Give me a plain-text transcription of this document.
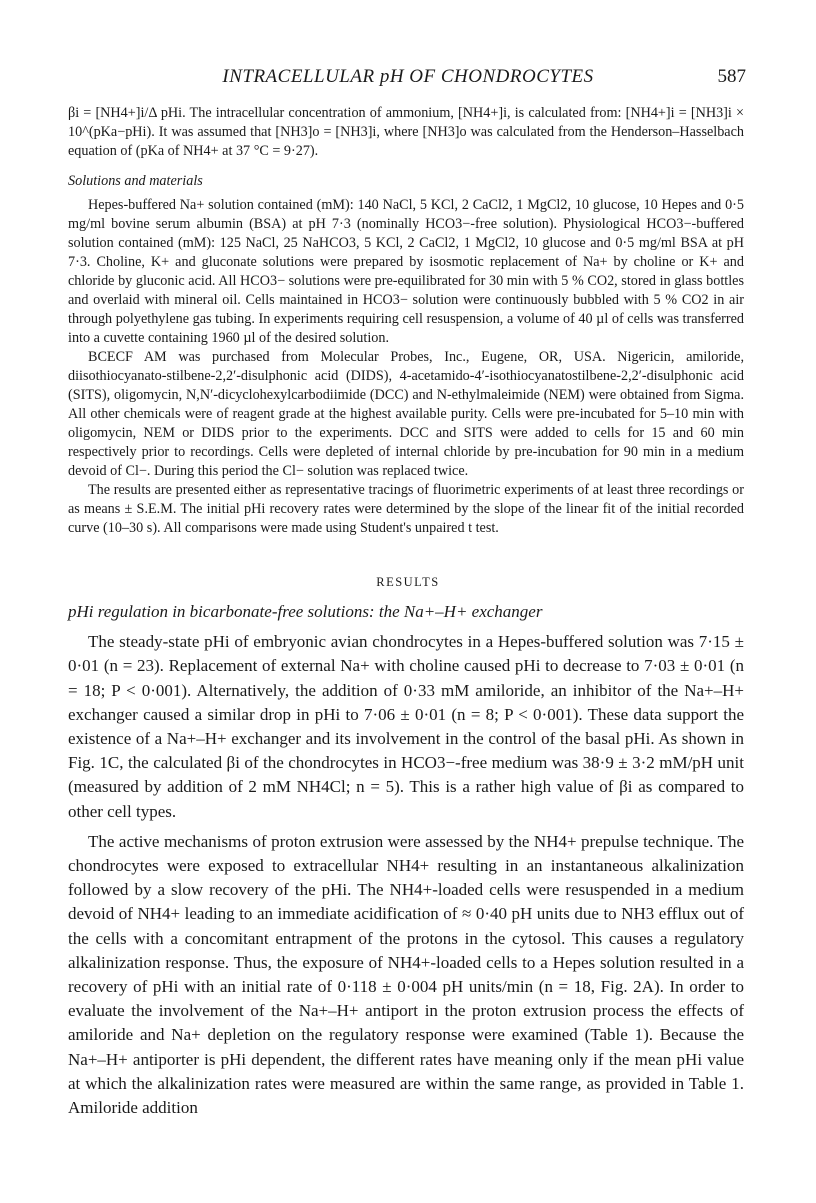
INTRACELLULAR pH OF CHONDROCYTES	587

βi = [NH4+]i/Δ pHi. The intracellular concentration of ammonium, [NH4+]i, is calculated from: [NH4+]i = [NH3]i × 10^(pKa−pHi). It was assumed that [NH3]o = [NH3]i, where [NH3]o was calculated from the Henderson–Hasselbach equation of (pKa of NH4+ at 37 °C = 9·27).

Solutions and materials

Hepes-buffered Na+ solution contained (mM): 140 NaCl, 5 KCl, 2 CaCl2, 1 MgCl2, 10 glucose, 10 Hepes and 0·5 mg/ml bovine serum albumin (BSA) at pH 7·3 (nominally HCO3−-free solution). Physiological HCO3−-buffered solution contained (mM): 125 NaCl, 25 NaHCO3, 5 KCl, 2 CaCl2, 1 MgCl2, 10 glucose and 0·5 mg/ml BSA at pH 7·3. Choline, K+ and gluconate solutions were prepared by isosmotic replacement of Na+ by choline or K+ and chloride by gluconic acid. All HCO3− solutions were pre-equilibrated for 30 min with 5 % CO2, stored in glass bottles and overlaid with mineral oil. Cells maintained in HCO3− solution were continuously bubbled with 5 % CO2 in air through polyethylene gas tubing. In experiments requiring cell resuspension, a volume of 40 µl of cells was transferred into a cuvette containing 1960 µl of the desired solution.

BCECF AM was purchased from Molecular Probes, Inc., Eugene, OR, USA. Nigericin, amiloride, diisothiocyanato-stilbene-2,2′-disulphonic acid (DIDS), 4-acetamido-4′-isothiocyanatostilbene-2,2′-disulphonic acid (SITS), oligomycin, N,N′-dicyclohexylcarbodiimide (DCC) and N-ethylmaleimide (NEM) were obtained from Sigma. All other chemicals were of reagent grade at the highest available purity. Cells were pre-incubated for 5–10 min with oligomycin, NEM or DIDS prior to the experiments. DCC and SITS were added to cells for 15 and 60 min respectively prior to recordings. Cells were depleted of internal chloride by pre-incubation for 90 min in a medium devoid of Cl−. During this period the Cl− solution was replaced twice.

The results are presented either as representative tracings of fluorimetric experiments of at least three recordings or as means ± S.E.M. The initial pHi recovery rates were determined by the slope of the linear fit of the initial recorded curve (10–30 s). All comparisons were made using Student's unpaired t test.

RESULTS

pHi regulation in bicarbonate-free solutions: the Na+–H+ exchanger

The steady-state pHi of embryonic avian chondrocytes in a Hepes-buffered solution was 7·15 ± 0·01 (n = 23). Replacement of external Na+ with choline caused pHi to decrease to 7·03 ± 0·01 (n = 18; P < 0·001). Alternatively, the addition of 0·33 mM amiloride, an inhibitor of the Na+–H+ exchanger caused a similar drop in pHi to 7·06 ± 0·01 (n = 8; P < 0·001). These data support the existence of a Na+–H+ exchanger and its involvement in the control of the basal pHi. As shown in Fig. 1C, the calculated βi of the chondrocytes in HCO3−-free medium was 38·9 ± 3·2 mM/pH unit (measured by addition of 2 mM NH4Cl; n = 5). This is a rather high value of βi as compared to other cell types.

The active mechanisms of proton extrusion were assessed by the NH4+ prepulse technique. The chondrocytes were exposed to extracellular NH4+ resulting in an instantaneous alkalinization followed by a slow recovery of the pHi. The NH4+-loaded cells were resuspended in a medium devoid of NH4+ leading to an immediate acidification of ≈ 0·40 pH units due to NH3 efflux out of the cells with a concomitant entrapment of the protons in the cytosol. This causes a regulatory alkalinization response. Thus, the exposure of NH4+-loaded cells to a Hepes solution resulted in a recovery of pHi with an initial rate of 0·118 ± 0·004 pH units/min (n = 18, Fig. 2A). In order to evaluate the involvement of the Na+–H+ antiport in the proton extrusion process the effects of amiloride and Na+ depletion on the regulatory response were examined (Table 1). Because the Na+–H+ antiporter is pHi dependent, the different rates have meaning only if the mean pHi value at which the alkalinization rates were measured are within the same range, as provided in Table 1. Amiloride addition
